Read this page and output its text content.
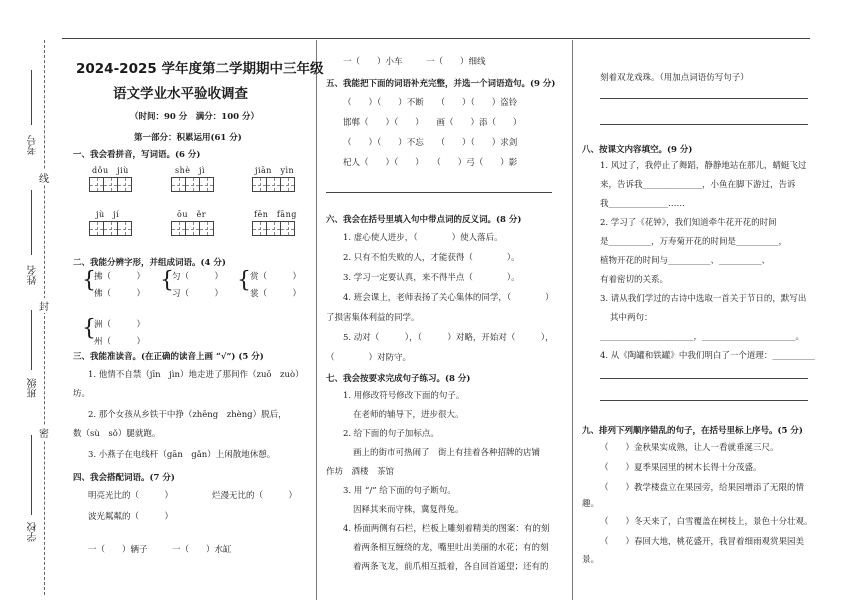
考号
姓名
班级
学校
线
封
密
2024-2025 学年度第二学期期中三年级
语文学业水平验收调查
（时间：90 分　满分：100 分）
第一部分：积累运用(61 分)
一、我会看拼音，写词语。(6 分)
dǒu　jiù	shè　jì	jiān　yìn
jù　jí	ōu　ěr	fēn　fāng
二、我能分辨字形，并组成词语。(4 分)
{
拂（　　　）
佛（　　　）
{
匀（　　　）
习（　　　）
{ 赏（　　　）
裳（　　　）
{
洲（　　　）
州（　　　）
三、我能准读音。(在正确的读音上画 “√”) (5 分)
1. 他情不自禁（jīn　jìn）地走进了那间作（zuō　zuò）
坊。
2. 那个女孩从乡铁干中挣（zhēng　zhèng）脱后，
数（sù　sǒ）腿就跑。
3. 小燕子在电线杆（gān　gǎn）上闲散地休憩。
四、我会搭配词语。(7 分)
明亮光比的（　　　）	烂漫无比的（　　　）
波光粼粼的（　　　）
一（　　）辆子	一（　　）水缸
一（　　）小车	一（　　）细线
五、我能把下面的词语补充完整，并选一个词语造句。(9 分)
（　　）（　　）不断　　（　　）（　　）盗铃
邯郸（　　）（　　）　　画（　　）添（　　）
（　　）（　　）不忘　　（　　）（　　）求剑
杞人（　　）（　　）　　（　　）弓（　　）影
六、我会在括号里填入句中带点词的反义词。(8 分)
1. 虚心使人进步，（　　　　）使人落后。
2. 只有不怕失败的人，才能获得（　　　　）。
3. 学习一定要认真，来不得半点（　　　　）。
4. 班会课上，老师表扬了关心集体的同学，（　　　　）
了损害集体利益的同学。
5. 动对（　　　），（　　　）对略，开始对（　　　），
（　　　　）对防守。
七、我会按要求完成句子练习。(8 分)
1. 用修改符号修改下面的句子。
在老师的辅导下，进步很大。
2. 给下面的句子加标点。
画上的街市可热闹了　街上有挂着各种招牌的店铺
作坊　酒楼　茶馆
3. 用 “/” 给下面的句子断句。
因释其来而守株，冀复得兔。
4. 桥面两侧有石栏，栏板上雕刻着精美的图案：有的刻
着两条相互缠绕的龙，嘴里吐出美丽的水花；有的刻
着两条飞龙，前爪相互抵着，各自回首遥望；还有的
刻着双龙戏珠。（用加点词语仿写句子）
八、按课文内容填空。(9 分)
1. 风过了，我停止了舞蹈，静静地站在那儿，蜻蜓飞过
来，告诉我______________，小鱼在脚下游过，告诉
我______________……
2. 学习了《花钟》，我们知道牵牛花开花的时间
是__________，万寿菊开花的时间是__________，
植物开花的时间与__________、__________、
有着密切的关系。
3. 请从我们学过的古诗中选取一首关于节日的，默写出
其中两句：
______________________，______________________。
4. 从《陶罐和铁罐》中我们明白了一个道理：__________
九、排列下列顺序错乱的句子，在括号里标上序号。(5 分)
（　　）金秋果实成熟，让人一看就垂涎三尺。
（　　）夏季果园里的树木长得十分茂盛。
（　　）教学楼盘立在果园旁，给果园增添了无限的情
趣。
（　　）冬天来了，白雪覆盖在树枝上，景色十分壮观。
（　　）春回大地，桃花盛开，我冒着细雨观赏果园美
景。
